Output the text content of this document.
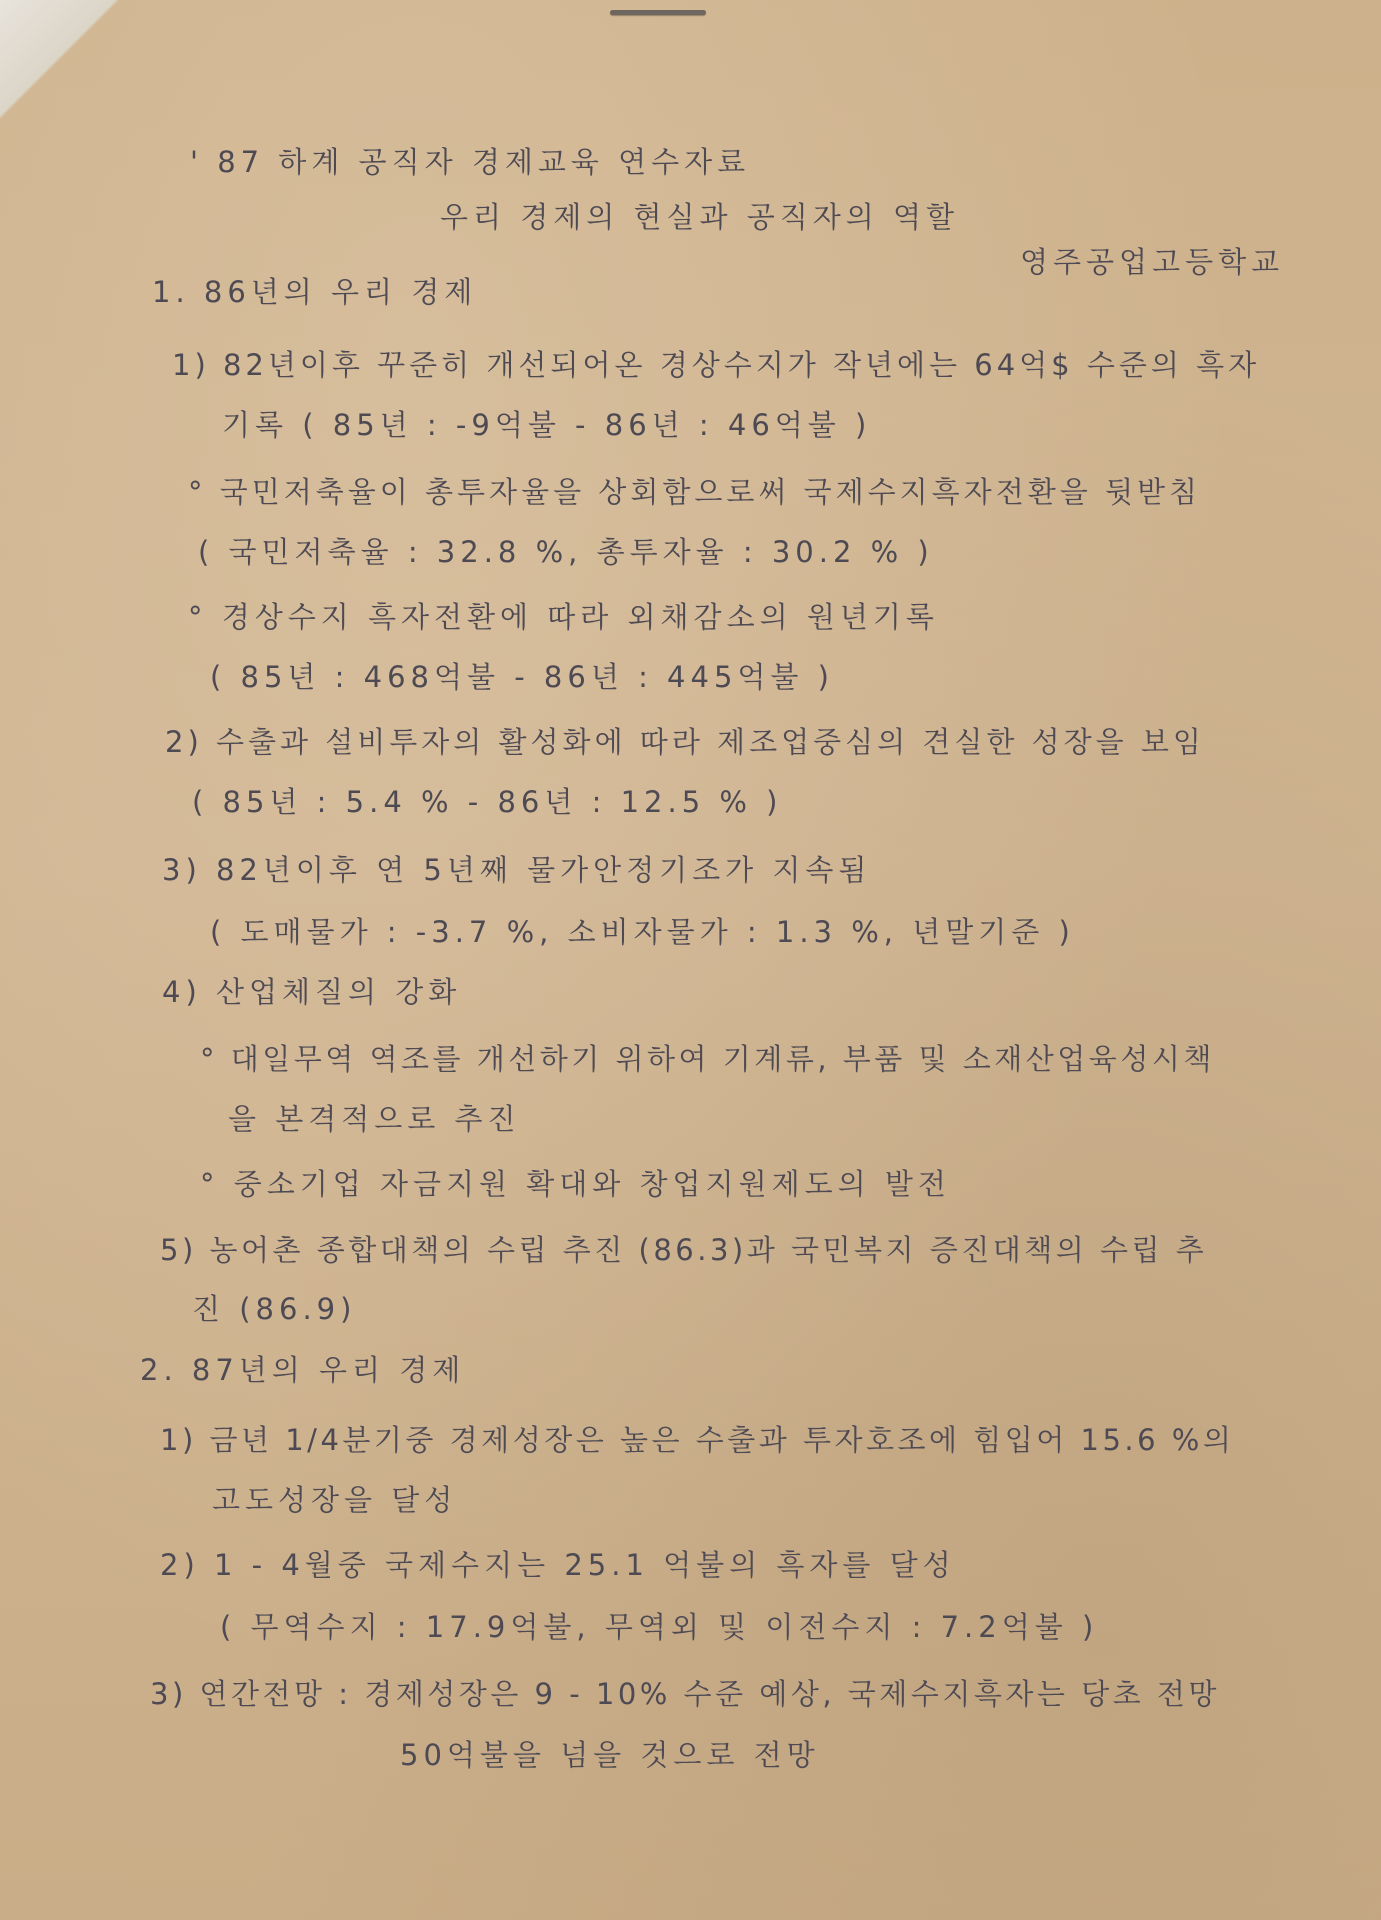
' 87 하계 공직자 경제교육 연수자료

우리 경제의 현실과 공직자의 역할

영주공업고등학교

1. 86년의 우리 경제

1) 82년이후 꾸준히 개선되어온 경상수지가 작년에는 64억$ 수준의 흑자

기록 ( 85년 : -9억불 - 86년 : 46억불 )

° 국민저축율이 총투자율을 상회함으로써 국제수지흑자전환을 뒷받침

( 국민저축율 : 32.8 %, 총투자율 : 30.2 % )

° 경상수지 흑자전환에 따라 외채감소의 원년기록

( 85년 : 468억불 - 86년 : 445억불 )

2) 수출과 설비투자의 활성화에 따라 제조업중심의 견실한 성장을 보임

( 85년 : 5.4 % - 86년 : 12.5 % )

3) 82년이후 연 5년째 물가안정기조가 지속됨

( 도매물가 : -3.7 %, 소비자물가 : 1.3 %, 년말기준 )

4) 산업체질의 강화

° 대일무역 역조를 개선하기 위하여 기계류, 부품 및 소재산업육성시책

을 본격적으로 추진

° 중소기업 자금지원 확대와 창업지원제도의 발전

5) 농어촌 종합대책의 수립 추진 (86.3)과 국민복지 증진대책의 수립 추

진 (86.9)

2. 87년의 우리 경제

1) 금년 1/4분기중 경제성장은 높은 수출과 투자호조에 힘입어 15.6 %의

고도성장을 달성

2) 1 - 4월중 국제수지는 25.1 억불의 흑자를 달성

( 무역수지 : 17.9억불, 무역외 및 이전수지 : 7.2억불 )

3) 연간전망 : 경제성장은 9 - 10% 수준 예상, 국제수지흑자는 당초 전망

50억불을 넘을 것으로 전망
